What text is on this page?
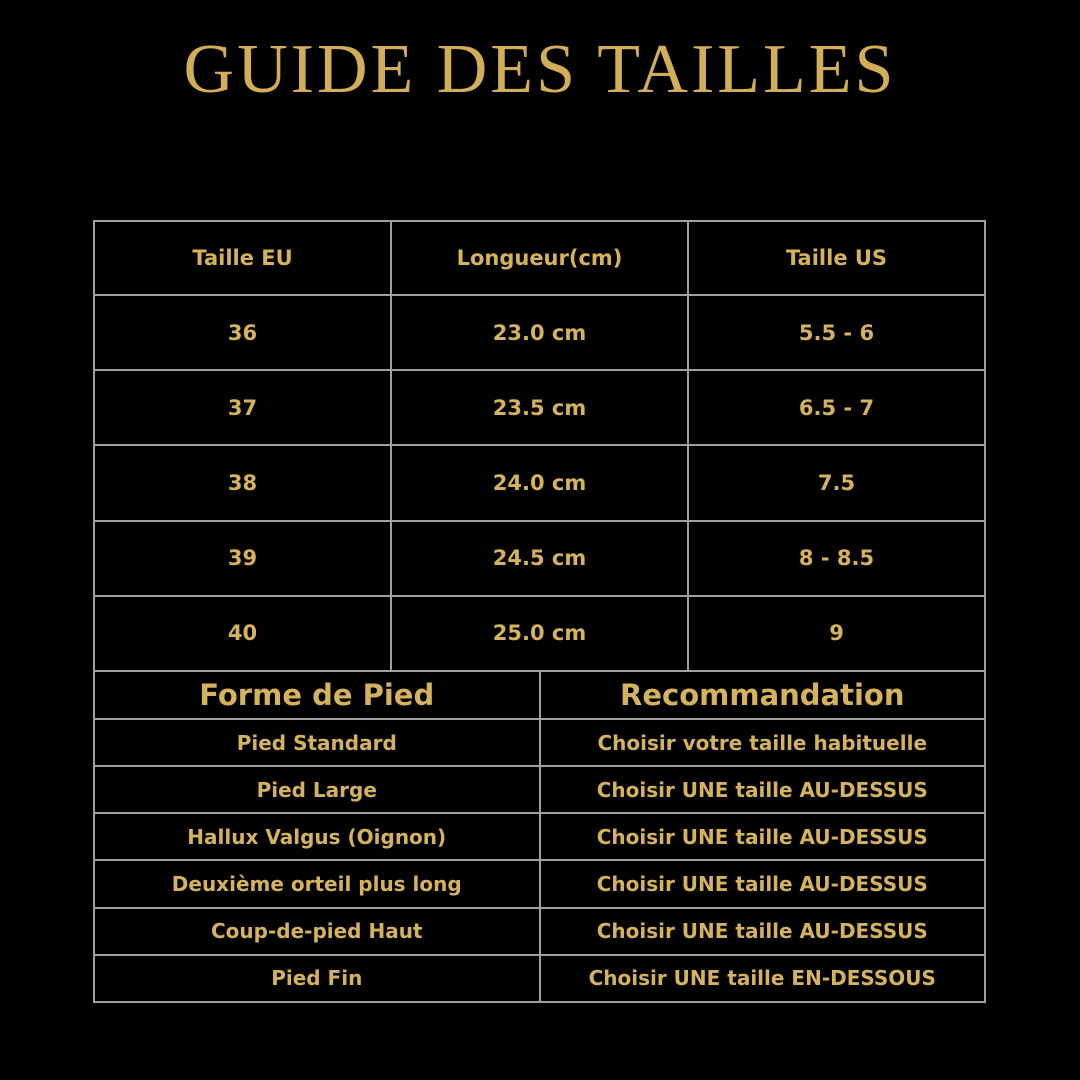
GUIDE DES TAILLES
Taille EU	Longueur(cm)	Taille US
36	23.0 cm	5.5 - 6
37	23.5 cm	6.5 - 7
38	24.0 cm	7.5
39	24.5 cm	8 - 8.5
40	25.0 cm	9
Forme de Pied	Recommandation
Pied Standard	Choisir votre taille habituelle
Pied Large	Choisir UNE taille AU-DESSUS
Hallux Valgus (Oignon)	Choisir UNE taille AU-DESSUS
Deuxième orteil plus long	Choisir UNE taille AU-DESSUS
Coup-de-pied Haut	Choisir UNE taille AU-DESSUS
Pied Fin	Choisir UNE taille EN-DESSOUS
